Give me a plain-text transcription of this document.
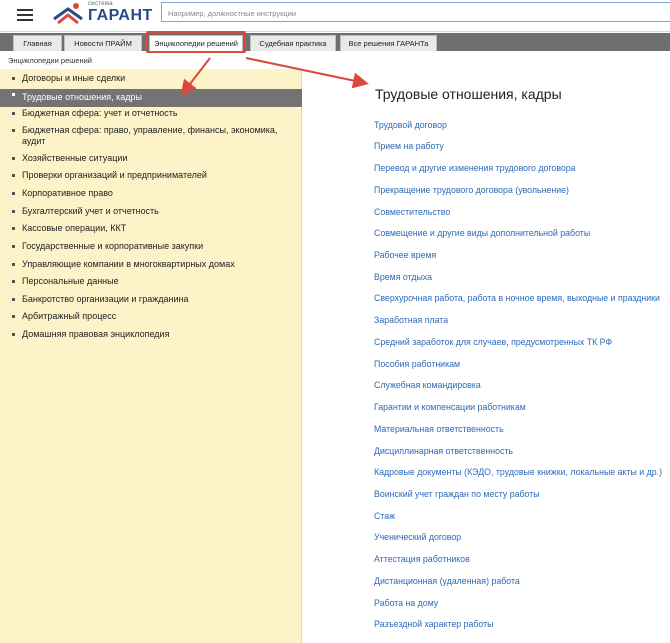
система
ГАРАНТ
Например, должностные инструкции
Главная	Новости ПРАЙМ	Энциклопедии решений	Судебная практика	Все решения ГАРАНТа
Энциклопедии решений
Договоры и иные сделки
Трудовые отношения, кадры
Бюджетная сфера: учет и отчетность
Бюджетная сфера: право, управление, финансы, экономика, аудит
Хозяйственные ситуации
Проверки организаций и предпринимателей
Корпоративное право
Бухгалтерский учет и отчетность
Кассовые операции, ККТ
Государственные и корпоративные закупки
Управляющие компании в многоквартирных домах
Персональные данные
Банкротство организации и гражданина
Арбитражный процесс
Домашняя правовая энциклопедия
Трудовые отношения, кадры
Трудовой договор
Прием на работу
Перевод и другие изменения трудового договора
Прекращение трудового договора (увольнение)
Совместительство
Совмещение и другие виды дополнительной работы
Рабочее время
Время отдыха
Сверхурочная работа, работа в ночное время, выходные и праздники
Заработная плата
Средний заработок для случаев, предусмотренных ТК РФ
Пособия работникам
Служебная командировка
Гарантии и компенсации работникам
Материальная ответственность
Дисциплинарная ответственность
Кадровые документы (КЭДО, трудовые книжки, локальные акты и др.)
Воинский учет граждан по месту работы
Стаж
Ученический договор
Аттестация работников
Дистанционная (удаленная) работа
Работа на дому
Разъездной характер работы
